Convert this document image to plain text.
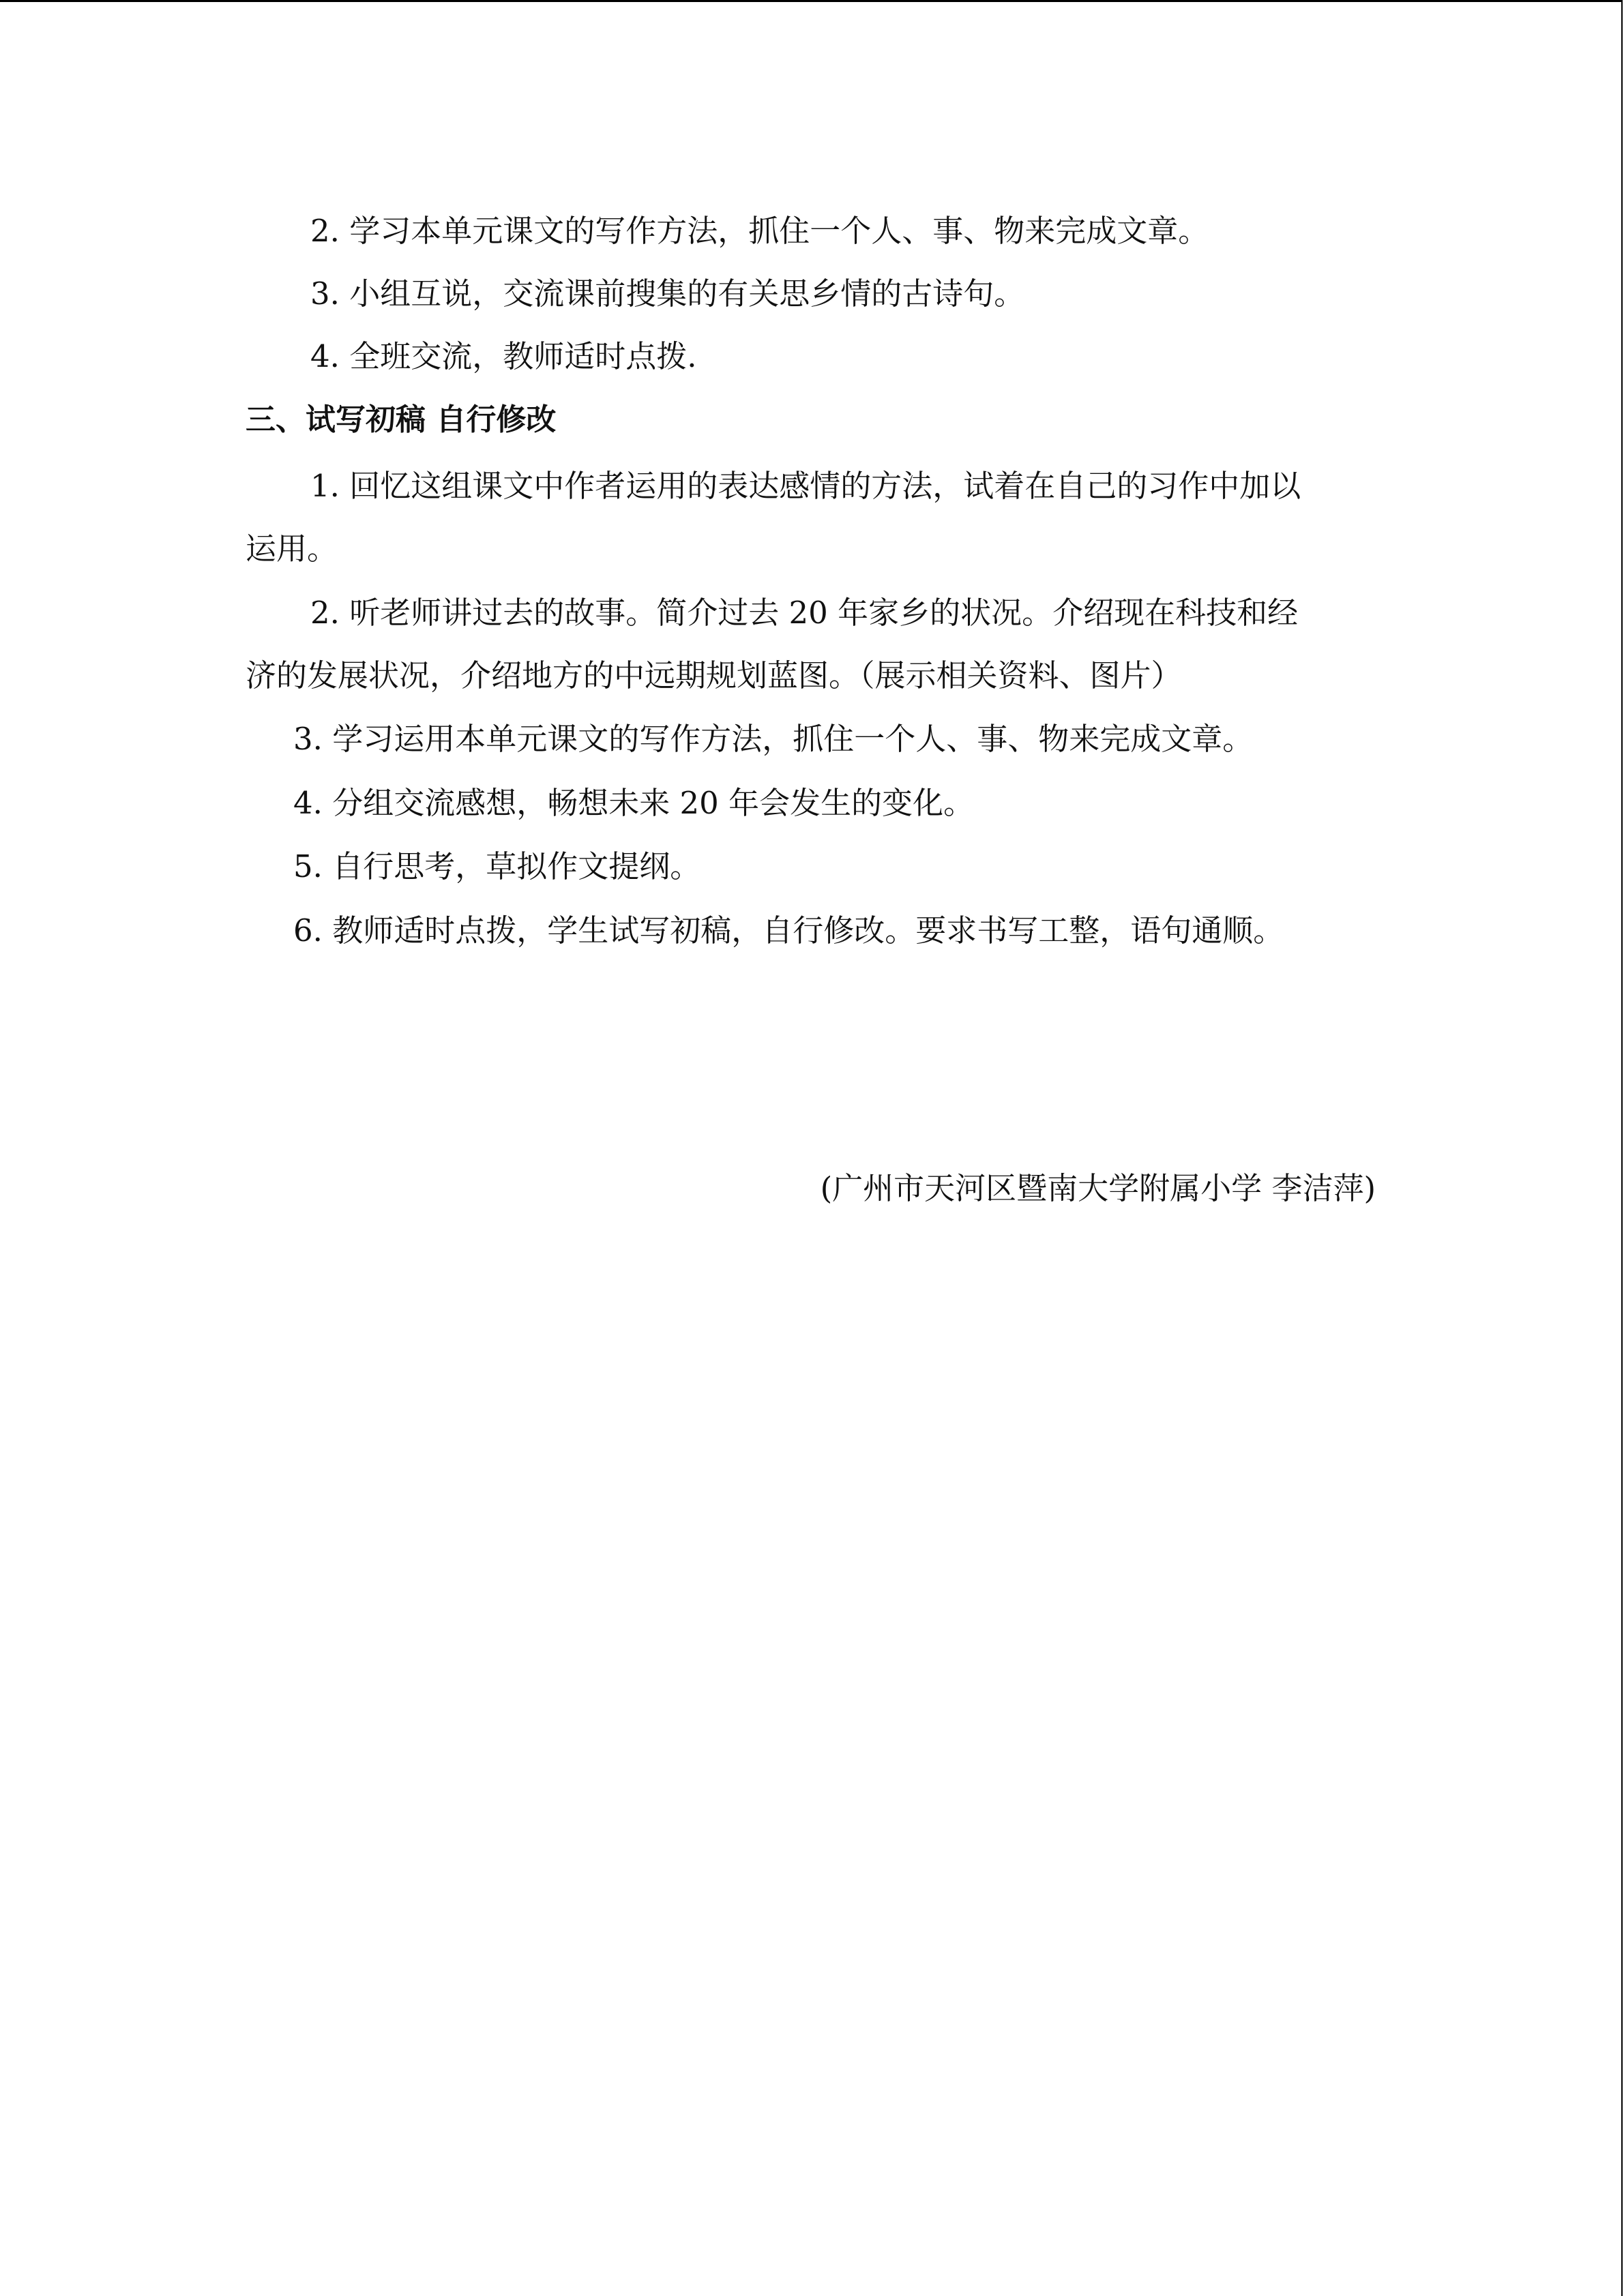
2. 学习本单元课文的写作方法，抓住一个人、事、物来完成文章。
3. 小组互说，交流课前搜集的有关思乡情的古诗句。
4. 全班交流，教师适时点拨.
三、试写初稿 自行修改
1. 回忆这组课文中作者运用的表达感情的方法，试着在自己的习作中加以
运用。
2. 听老师讲过去的故事。简介过去 20 年家乡的状况。介绍现在科技和经
济的发展状况，介绍地方的中远期规划蓝图。（展示相关资料、图片）
3. 学习运用本单元课文的写作方法，抓住一个人、事、物来完成文章。
4. 分组交流感想，畅想未来 20 年会发生的变化。
5. 自行思考，草拟作文提纲。
6. 教师适时点拨，学生试写初稿，自行修改。要求书写工整，语句通顺。
(广州市天河区暨南大学附属小学 李洁萍)
